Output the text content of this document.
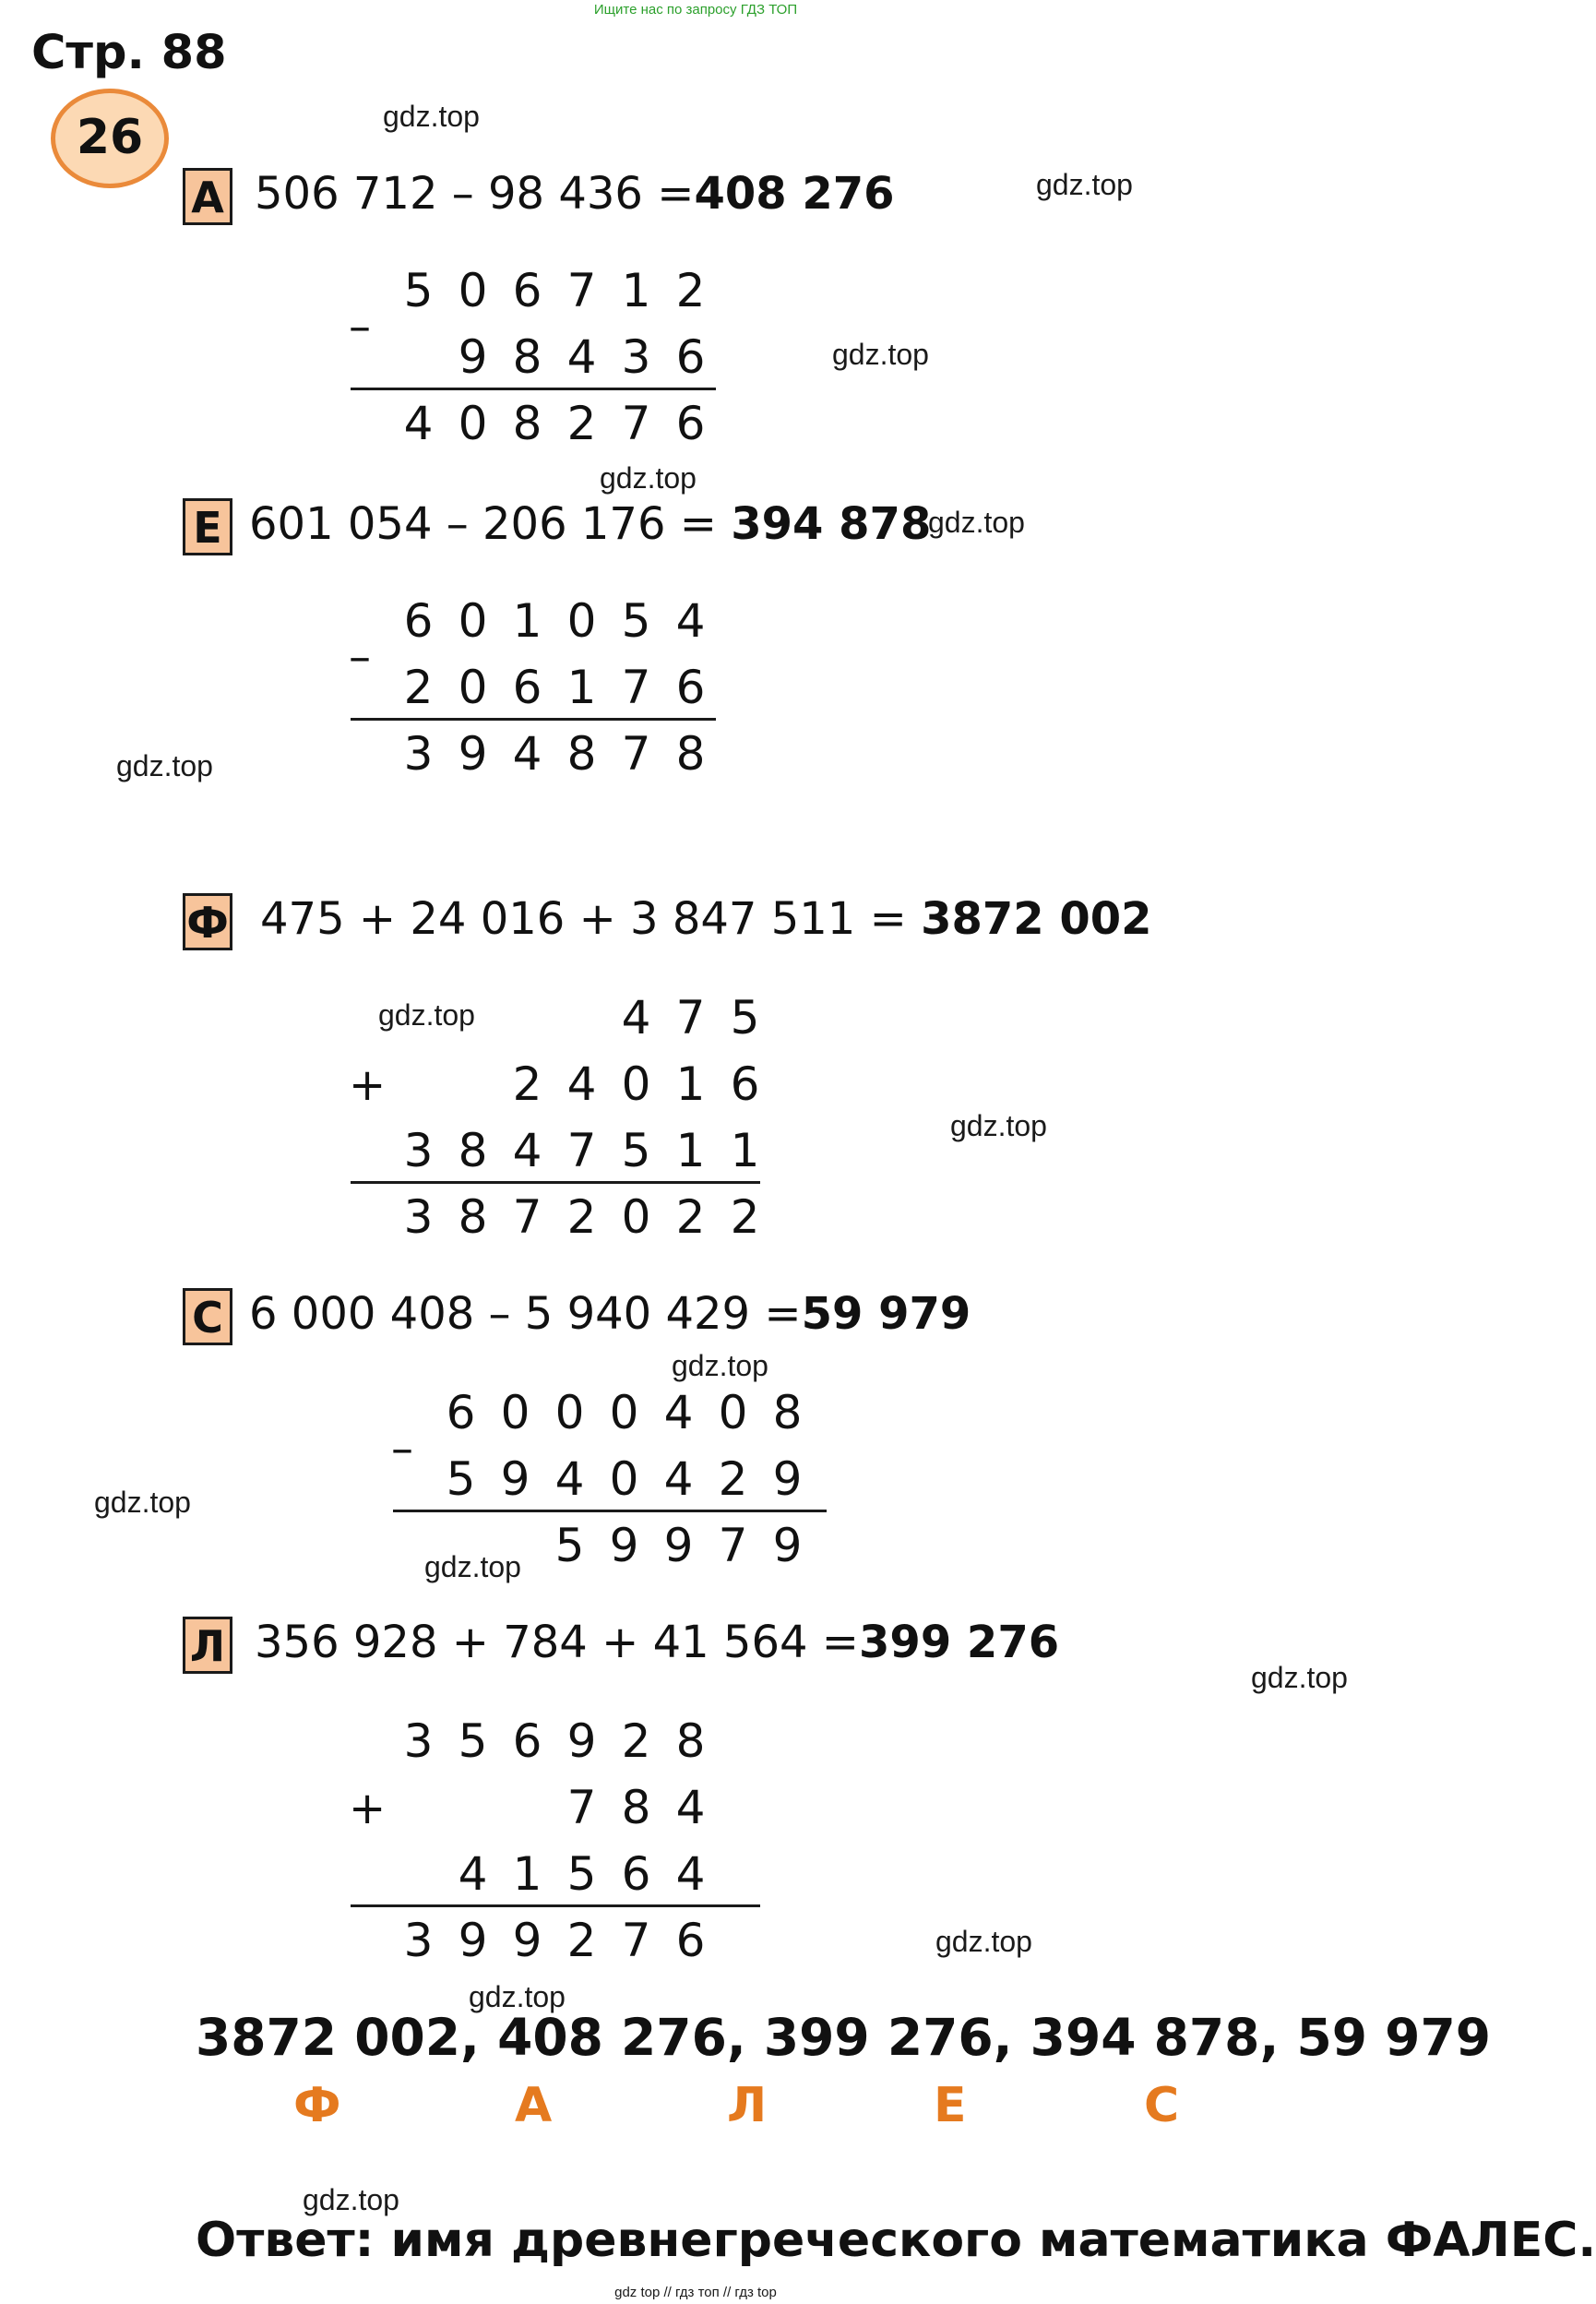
Ищите нас по запросу ГДЗ ТОП
Стр. 88
26	gdz.top
gdz.top
gdz.top
gdz.top
gdz.top
gdz.top
gdz.top
gdz.top
gdz.top
gdz.top
gdz.top
gdz.top
gdz.top
gdz.top
gdz.top
А 506 712 – 98 436 =408 276
–
5 0 6 7 1 2
9 8 4 3 6
4 0 8 2 7 6
Е 601 054 – 206 176 = 394 878
–
6 0 1 0 5 4
2 0 6 1 7 6
3 9 4 8 7 8
Ф 475 + 24 016 + 3 847 511 = 3872 002
4 7 5
+	2 4 0 1 6
3 8 4 7 5 1 1
3 8 7 2 0 2 2
С 6 000 408 – 5 940 429 =59 979
–
6 0 0 0 4 0 8
5 9 4 0 4 2 9
5 9 9 7 9
Л 356 928 + 784 + 41 564 =399 276
3 5 6 9 2 8
+	7 8 4
4 1 5 6 4
3 9 9 2 7 6
3872 002, 408 276, 399 276, 394 878, 59 979
Ф	А	Л	Е	С
Ответ: имя древнегреческого математика ФАЛЕС.
gdz top // гдз топ // гдз top
